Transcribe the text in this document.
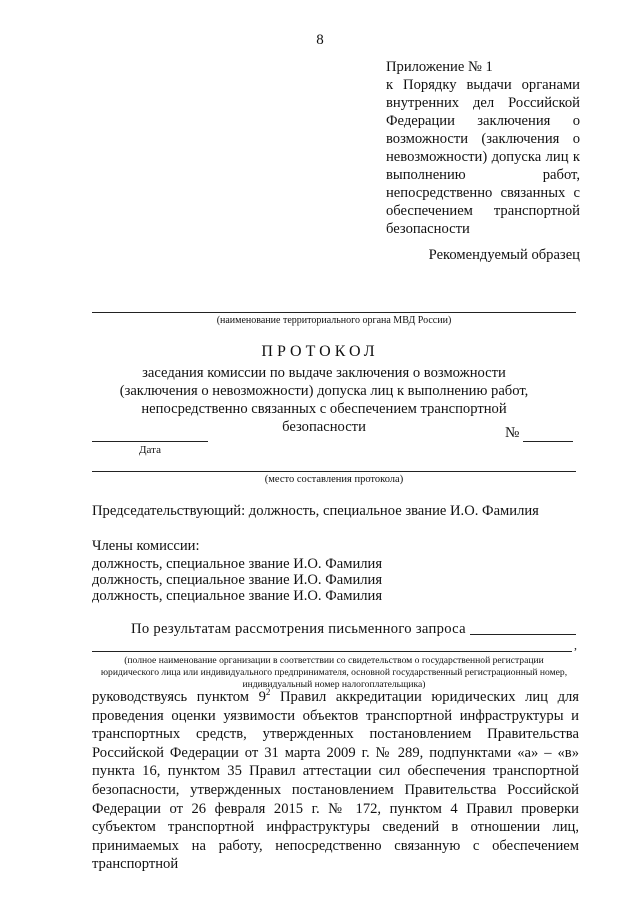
8
Приложение № 1
к Порядку выдачи органами внутренних дел Российской Федерации заключения о возможности (заключения о невозможности) допуска лиц к выполнению работ, непосредственно связанных с обеспечением транспортной безопасности
Рекомендуемый образец
(наименование территориального органа МВД России)
ПРОТОКОЛ
заседания комиссии по выдаче заключения о возможности (заключения о невозможности) допуска лиц к выполнению работ, непосредственно связанных с обеспечением транспортной безопасности
Дата
№
(место составления протокола)
Председательствующий: должность, специальное звание И.О. Фамилия
Члены комиссии:
должность, специальное звание И.О. Фамилия
должность, специальное звание И.О. Фамилия
должность, специальное звание И.О. Фамилия
По результатам рассмотрения письменного запроса
,
(полное наименование организации в соответствии со свидетельством о государственной регистрации юридического лица или индивидуального предпринимателя, основной государственный регистрационный номер, индивидуальный номер налогоплательщика)
руководствуясь пунктом $9^2$ Правил аккредитации юридических лиц для проведения оценки уязвимости объектов транспортной инфраструктуры и транспортных средств, утвержденных постановлением Правительства Российской Федерации от 31 марта 2009 г. № 289, подпунктами «а» – «в» пункта 16, пунктом 35 Правил аттестации сил обеспечения транспортной безопасности, утвержденных постановлением Правительства Российской Федерации от 26 февраля 2015 г. № 172, пунктом 4 Правил проверки субъектом транспортной инфраструктуры сведений в отношении лиц, принимаемых на работу, непосредственно связанную с обеспечением транспортной
